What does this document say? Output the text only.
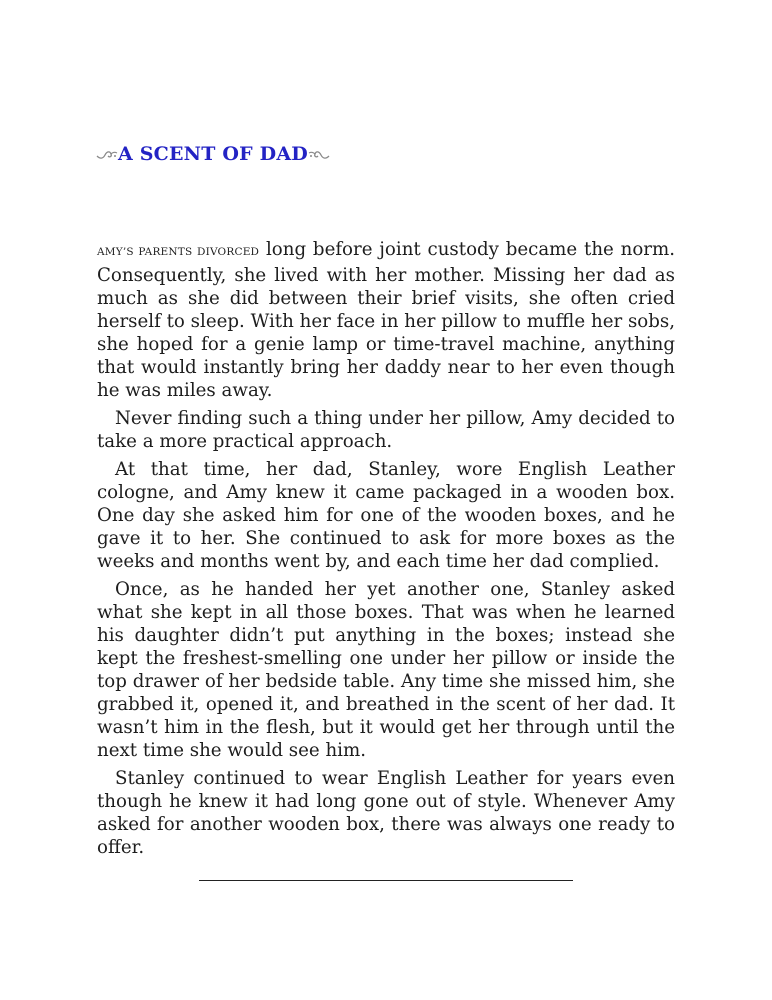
A SCENT OF DAD

AMY’S PARENTS DIVORCED long before joint custody became the norm. Consequently, she lived with her mother. Missing her dad as much as she did between their brief visits, she often cried herself to sleep. With her face in her pillow to muffle her sobs, she hoped for a genie lamp or time-travel machine, anything that would instantly bring her daddy near to her even though he was miles away.

Never finding such a thing under her pillow, Amy decided to take a more practical approach.

At that time, her dad, Stanley, wore English Leather cologne, and Amy knew it came packaged in a wooden box. One day she asked him for one of the wooden boxes, and he gave it to her. She continued to ask for more boxes as the weeks and months went by, and each time her dad complied.

Once, as he handed her yet another one, Stanley asked what she kept in all those boxes. That was when he learned his daughter didn’t put anything in the boxes; instead she kept the freshest-smelling one under her pillow or inside the top drawer of her bedside table. Any time she missed him, she grabbed it, opened it, and breathed in the scent of her dad. It wasn’t him in the flesh, but it would get her through until the next time she would see him.

Stanley continued to wear English Leather for years even though he knew it had long gone out of style. Whenever Amy asked for another wooden box, there was always one ready to offer.
